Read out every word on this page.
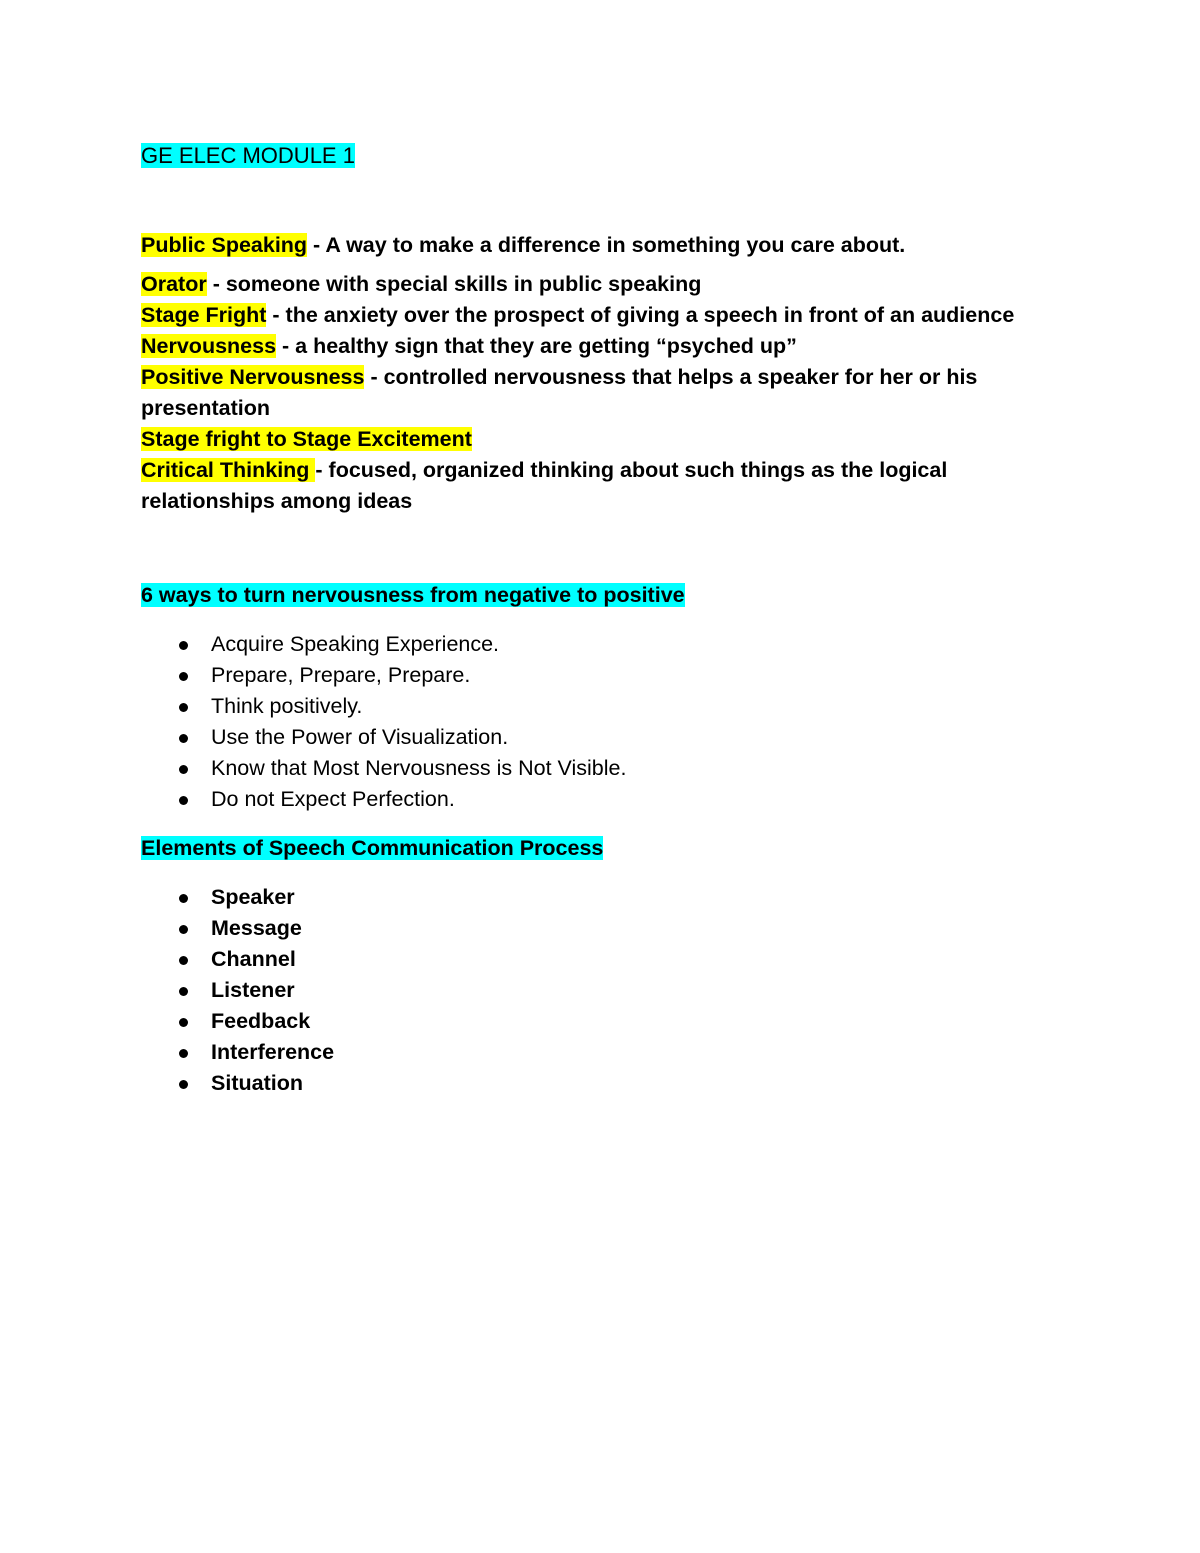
GE ELEC MODULE 1

Public Speaking - A way to make a difference in something you care about.

Orator - someone with special skills in public speaking

Stage Fright - the anxiety over the prospect of giving a speech in front of an audience

Nervousness - a healthy sign that they are getting “psyched up”

Positive Nervousness - controlled nervousness that helps a speaker for her or his presentation

Stage fright to Stage Excitement

Critical Thinking - focused, organized thinking about such things as the logical relationships among ideas

6 ways to turn nervousness from negative to positive
Acquire Speaking Experience.
Prepare, Prepare, Prepare.
Think positively.
Use the Power of Visualization.
Know that Most Nervousness is Not Visible.
Do not Expect Perfection.
Elements of Speech Communication Process
Speaker
Message
Channel
Listener
Feedback
Interference
Situation
